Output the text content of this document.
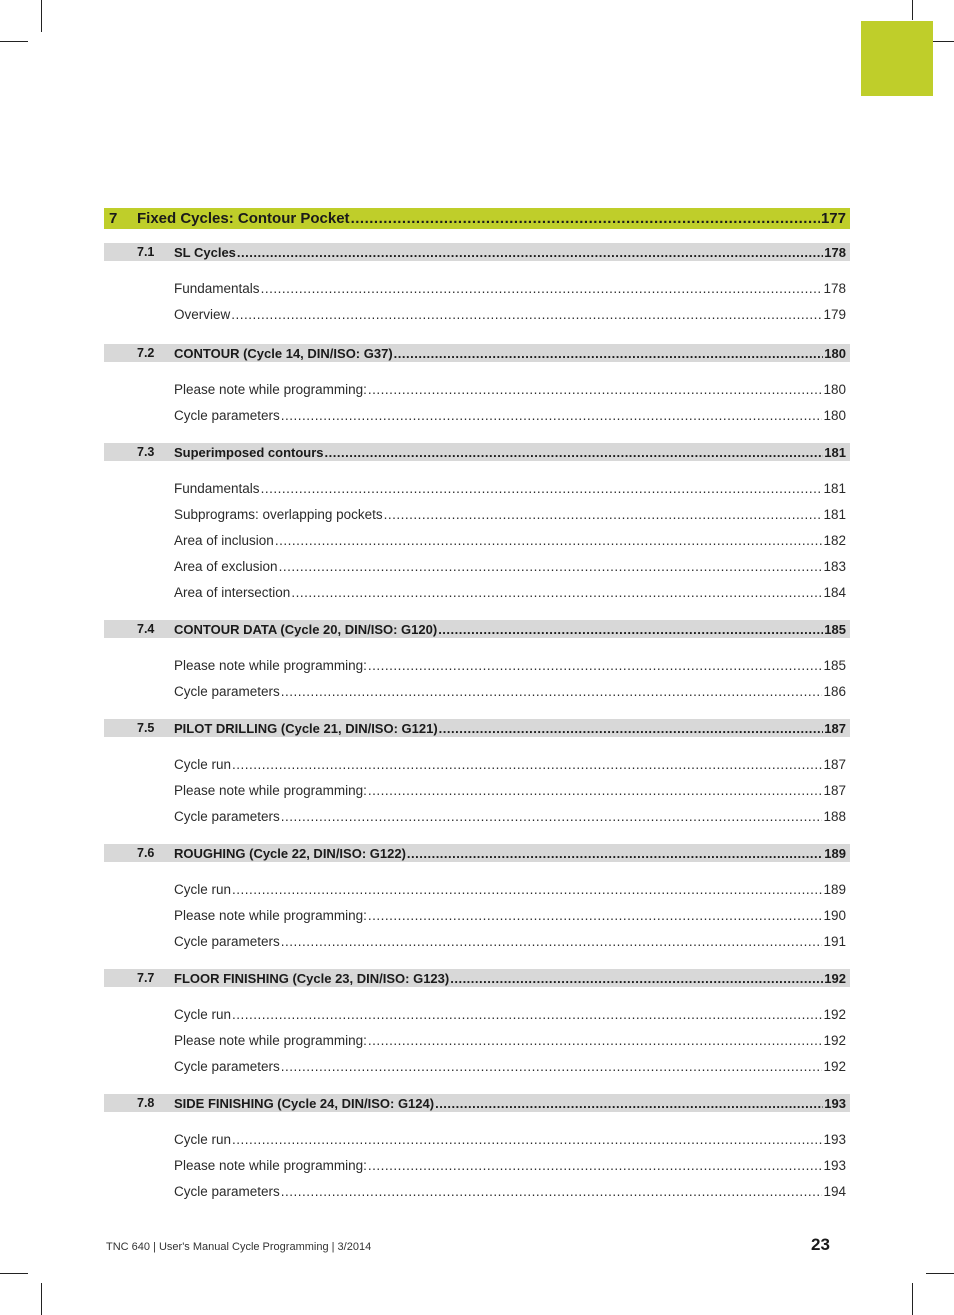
7	Fixed Cycles: Contour Pocket .....	177
7.1	SL Cycles .....	178
Fundamentals .....	178
Overview .....	179
7.2	CONTOUR (Cycle 14, DIN/ISO: G37) .....	180
Please note while programming: .....	180
Cycle parameters .....	180
7.3	Superimposed contours .....	181
Fundamentals .....	181
Subprograms: overlapping pockets .....	181
Area of inclusion .....	182
Area of exclusion .....	183
Area of intersection .....	184
7.4	CONTOUR DATA (Cycle 20, DIN/ISO: G120) .....	185
Please note while programming: .....	185
Cycle parameters .....	186
7.5	PILOT DRILLING (Cycle 21, DIN/ISO: G121) .....	187
Cycle run .....	187
Please note while programming: .....	187
Cycle parameters .....	188
7.6	ROUGHING (Cycle 22, DIN/ISO: G122) .....	189
Cycle run .....	189
Please note while programming: .....	190
Cycle parameters .....	191
7.7	FLOOR FINISHING (Cycle 23, DIN/ISO: G123) .....	192
Cycle run .....	192
Please note while programming: .....	192
Cycle parameters .....	192
7.8	SIDE FINISHING (Cycle 24, DIN/ISO: G124) .....	193
Cycle run .....	193
Please note while programming: .....	193
Cycle parameters .....	194
TNC 640 | User's Manual Cycle Programming | 3/2014	23
